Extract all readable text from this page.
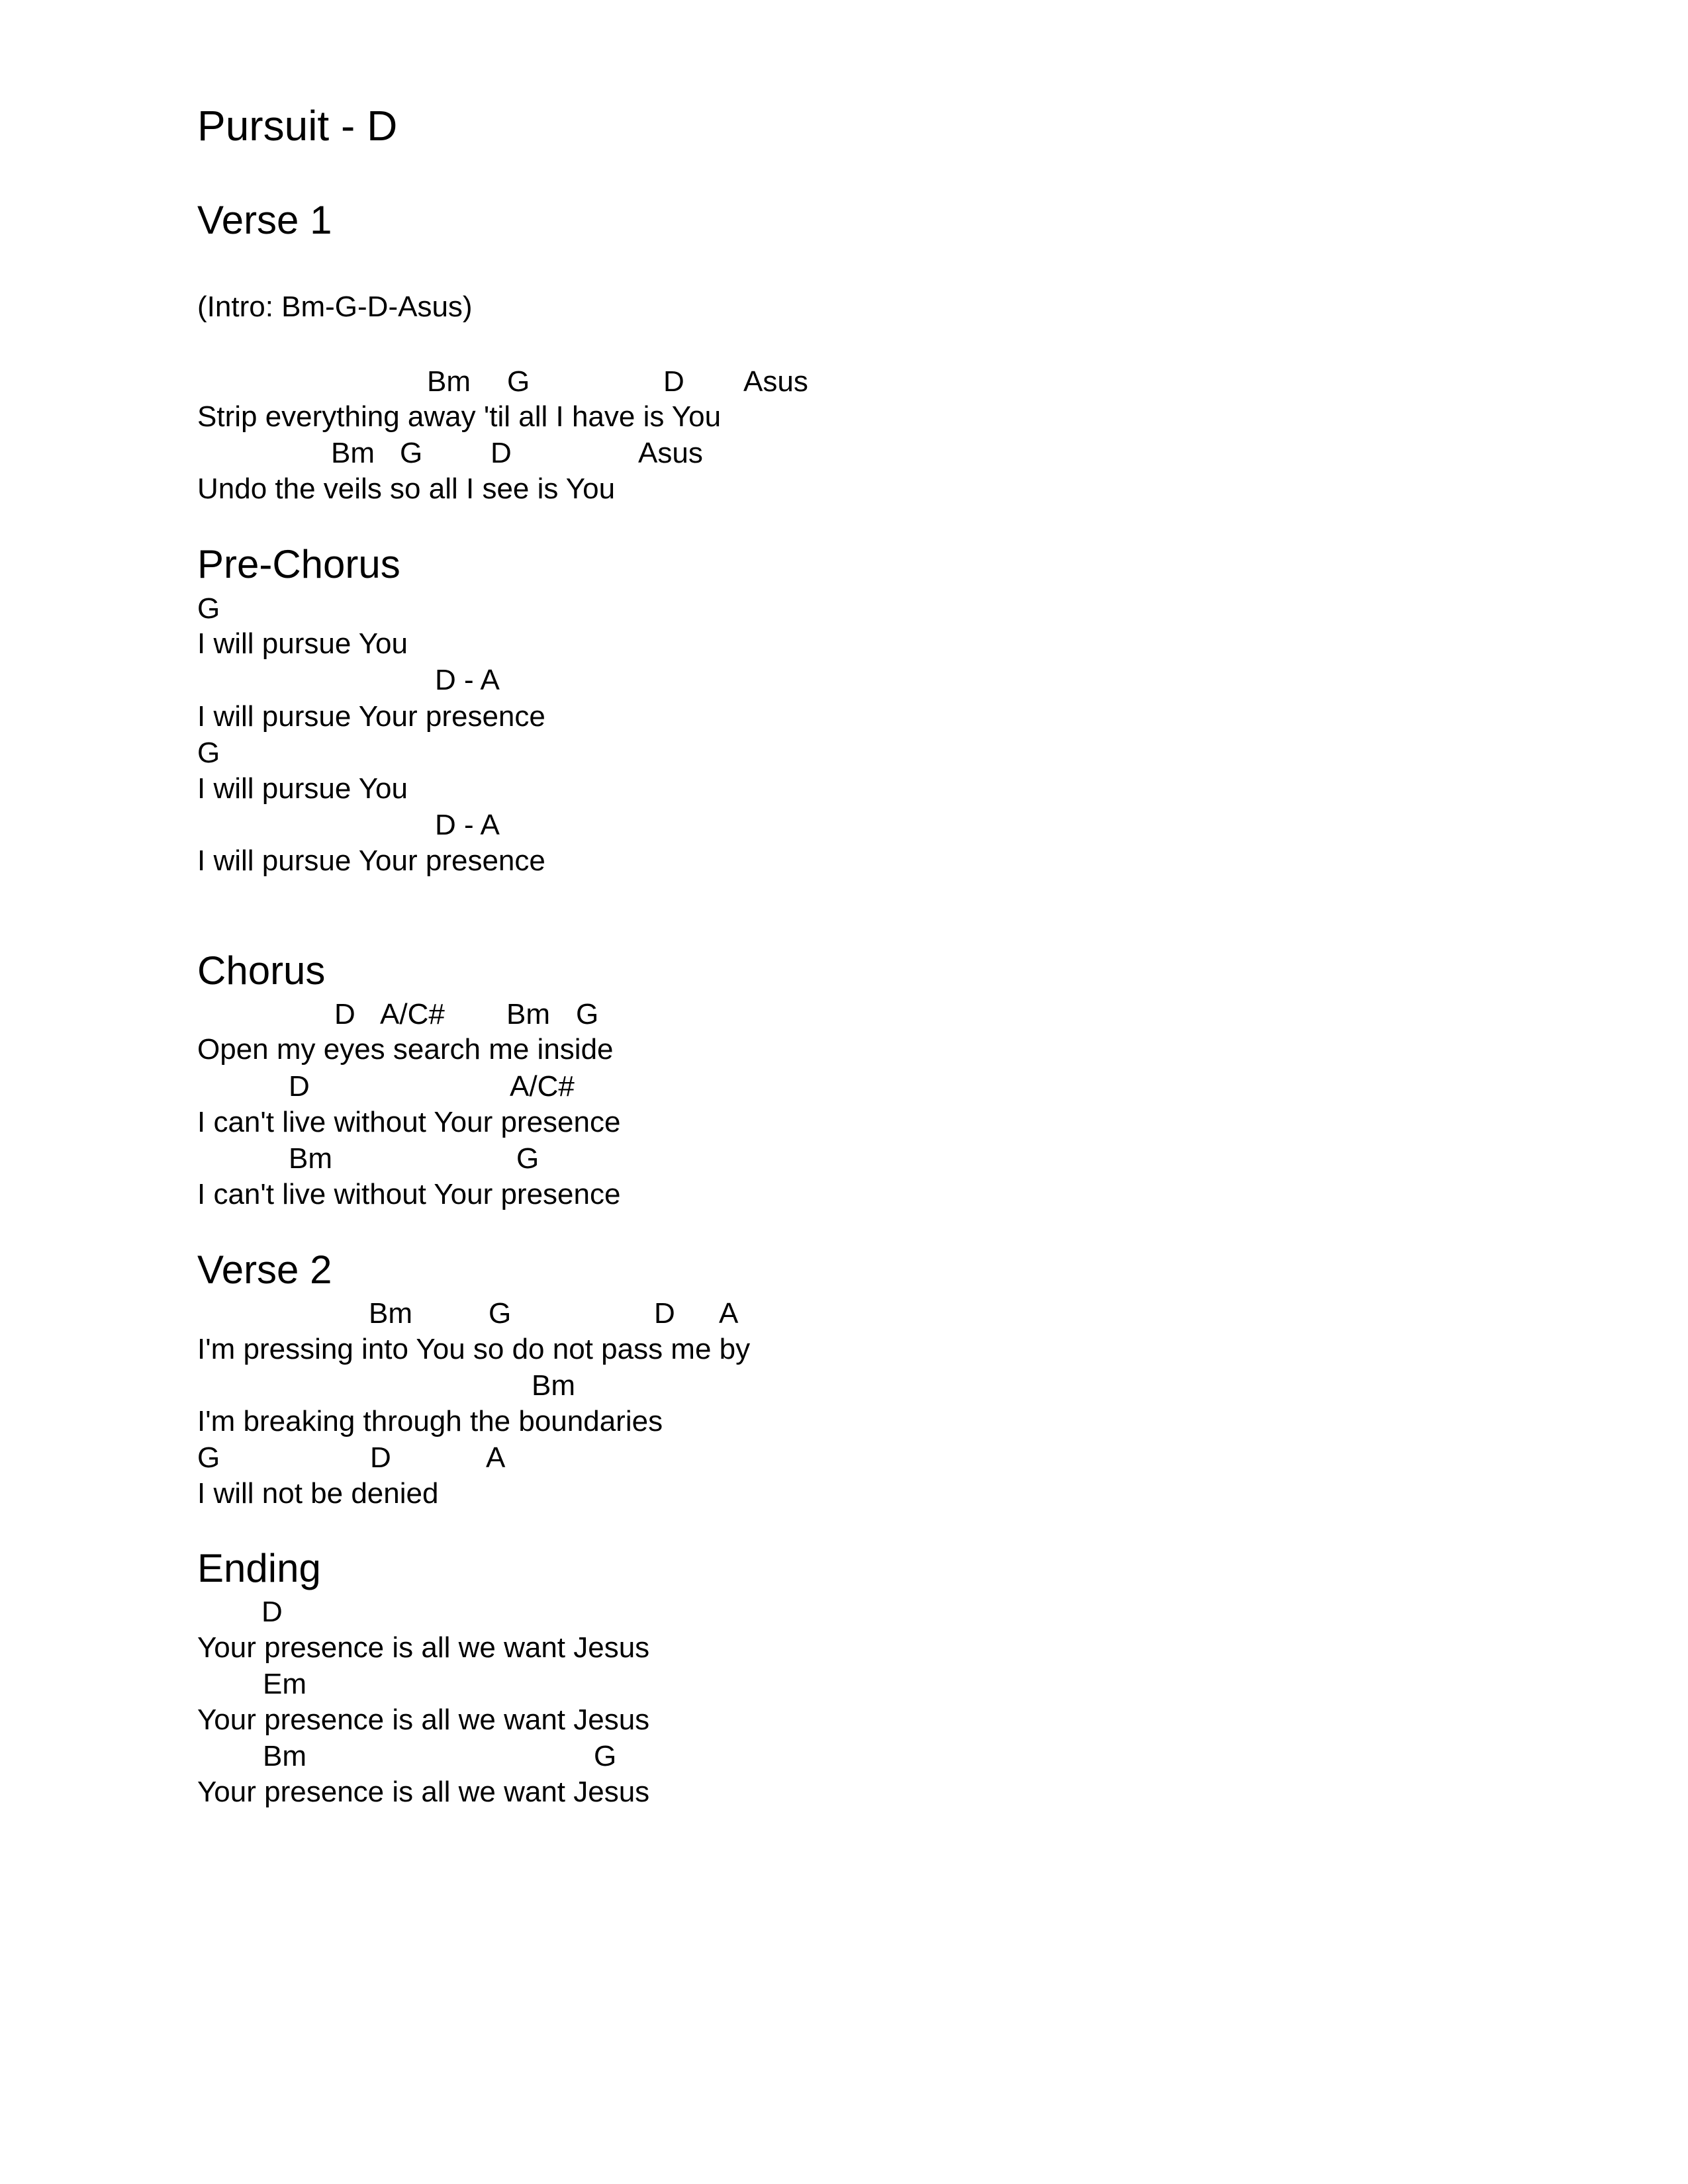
Pursuit - D
Verse 1
(Intro: Bm-G-D-Asus)
Bm G	D Asus
Strip everything away 'til all I have is You
Bm G D	Asus
Undo the veils so all I see is You
Pre-Chorus
G
I will pursue You
D - A
I will pursue Your presence
G
I will pursue You
D - A
I will pursue Your presence
Chorus
D A/C# Bm G
Open my eyes search me inside
D	A/C#
I can't live without Your presence
Bm	G
I can't live without Your presence
Verse 2
Bm	G	D A
I'm pressing into You so do not pass me by
Bm
I'm breaking through the boundaries
G	D	A
I will not be denied
Ending
D
Your presence is all we want Jesus
Em
Your presence is all we want Jesus
Bm	G
Your presence is all we want Jesus
